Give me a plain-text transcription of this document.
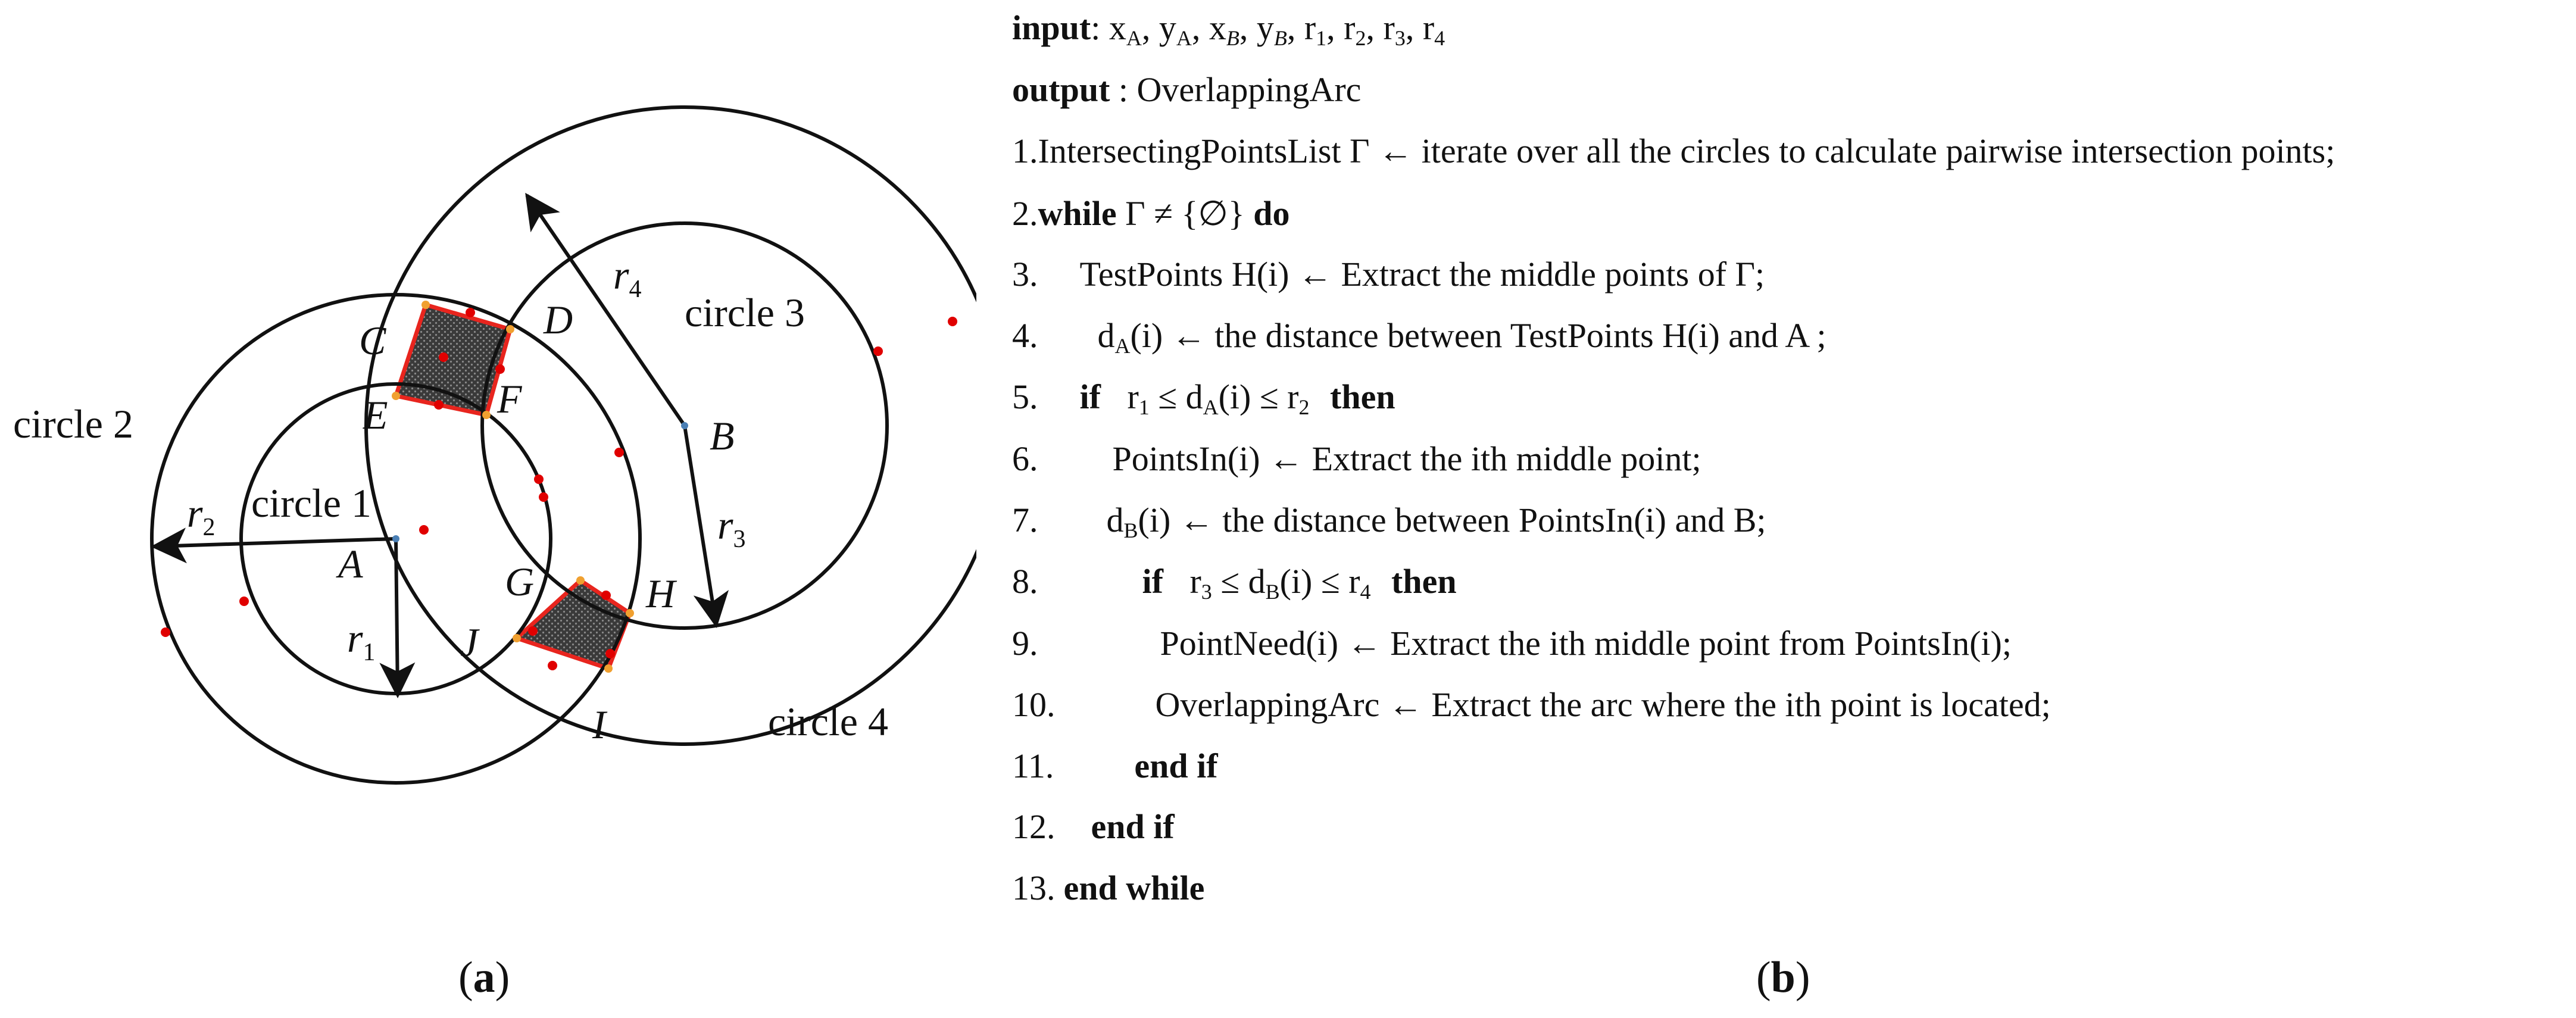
A
B
C	D
E	F
G	H
I
J
circle 1
circle 2
circle 3
circle 4
$r_1$
$r_2$	$r_3$
$r_4$
(a)
input: $x_A$, $y_A$, $x_B$, $y_B$, $r_1$, $r_2$, $r_3$, $r_4$
output : OverlappingArc
1.IntersectingPointsList Γ ← iterate over all the circles to calculate pairwise intersection points;
2.while Γ ≠ {∅} do
3. TestPoints H(i) ← Extract the middle points of Γ;
4. $d_A(i)$ ← the distance between TestPoints H(i) and A ;
5. if $r_1 \le d_A(i) \le r_2$ then
6. PointsIn(i) ← Extract the ith middle point;
7. $d_B(i)$ ← the distance between PointsIn(i) and B;
8.	if $r_3 \le d_B(i) \le r_4$ then
9.	PointNeed(i) ← Extract the ith middle point from PointsIn(i);
10.	OverlappingArc ← Extract the arc where the ith point is located;
11. end if
12. end if
13. end while
(b)
